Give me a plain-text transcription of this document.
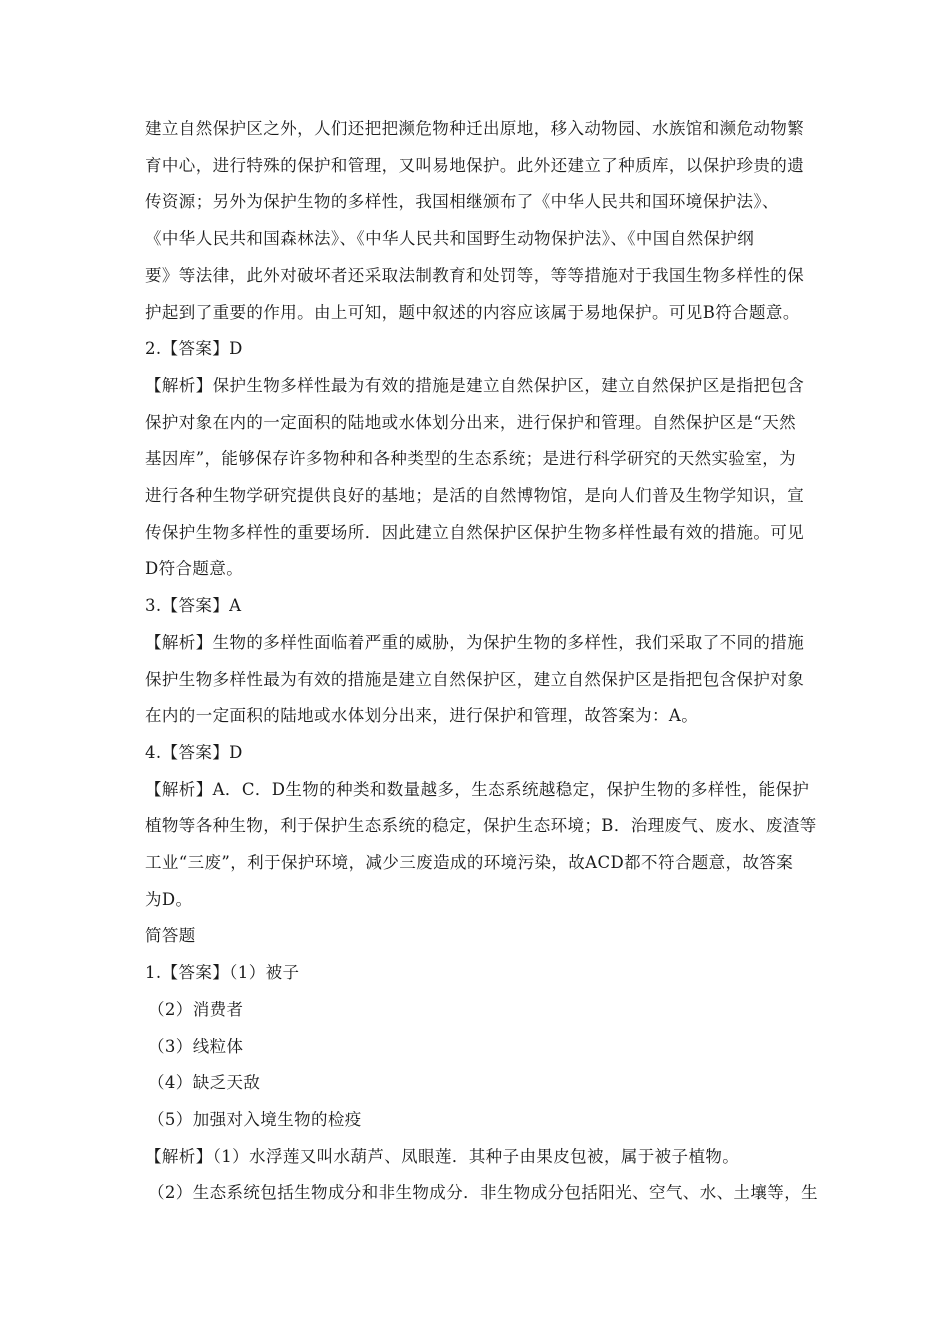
建立自然保护区之外，人们还把把濒危物种迁出原地，移入动物园、水族馆和濒危动物繁
育中心，进行特殊的保护和管理，又叫易地保护。此外还建立了种质库，以保护珍贵的遗
传资源；另外为保护生物的多样性，我国相继颁布了《中华人民共和国环境保护法》、
《中华人民共和国森林法》、《中华人民共和国野生动物保护法》、《中国自然保护纲
要》等法律，此外对破坏者还采取法制教育和处罚等，等等措施对于我国生物多样性的保
护起到了重要的作用。由上可知，题中叙述的内容应该属于易地保护。可见B符合题意。
2.【答案】D
【解析】保护生物多样性最为有效的措施是建立自然保护区，建立自然保护区是指把包含
保护对象在内的一定面积的陆地或水体划分出来，进行保护和管理。自然保护区是“天然
基因库”，能够保存许多物种和各种类型的生态系统；是进行科学研究的天然实验室，为
进行各种生物学研究提供良好的基地；是活的自然博物馆，是向人们普及生物学知识，宣
传保护生物多样性的重要场所．因此建立自然保护区保护生物多样性最有效的措施。可见
D符合题意。
3.【答案】A
【解析】生物的多样性面临着严重的威胁，为保护生物的多样性，我们采取了不同的措施
保护生物多样性最为有效的措施是建立自然保护区，建立自然保护区是指把包含保护对象
在内的一定面积的陆地或水体划分出来，进行保护和管理，故答案为：A。
4.【答案】D
【解析】A．C．D生物的种类和数量越多，生态系统越稳定，保护生物的多样性，能保护
植物等各种生物，利于保护生态系统的稳定，保护生态环境；B．治理废气、废水、废渣等
工业“三废”，利于保护环境，减少三废造成的环境污染，故ACD都不符合题意，故答案
为D。
简答题
1.【答案】（1）被子
（2）消费者
（3）线粒体
（4）缺乏天敌
（5）加强对入境生物的检疫
【解析】（1）水浮莲又叫水葫芦、凤眼莲．其种子由果皮包被，属于被子植物。
（2）生态系统包括生物成分和非生物成分．非生物成分包括阳光、空气、水、土壤等，生
